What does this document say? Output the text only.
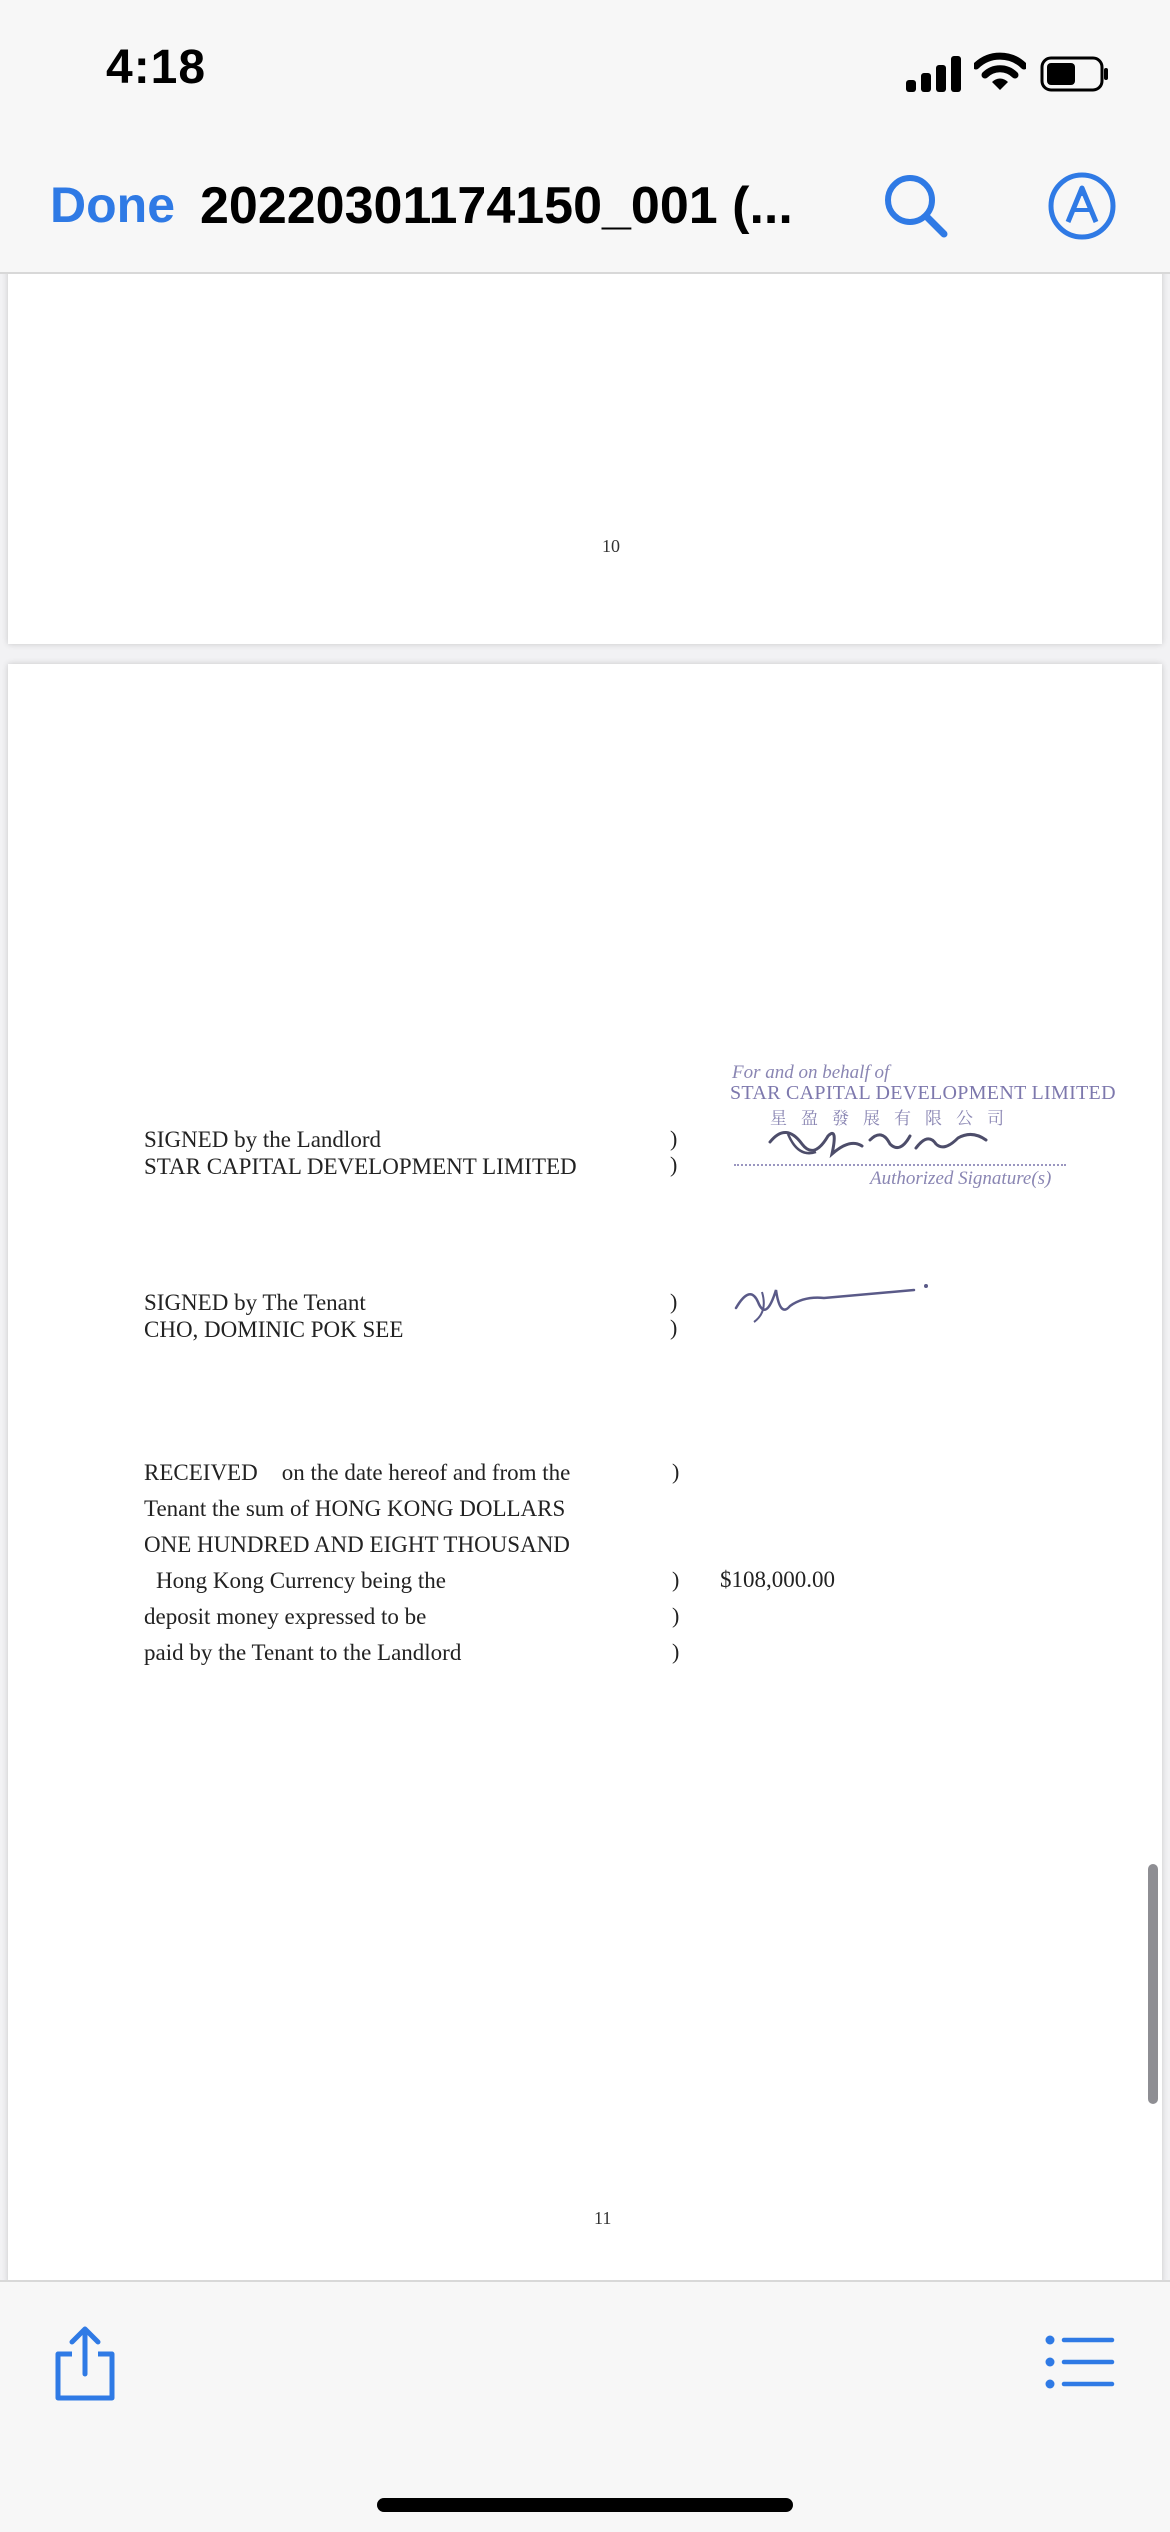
4:18
Done 20220301174150_001 (...
10
SIGNED by the Landlord
STAR CAPITAL DEVELOPMENT LIMITED
)
)
For and on behalf of
STAR CAPITAL DEVELOPMENT LIMITED
星盈發展有限公司
Authorized Signature(s)
SIGNED by The Tenant
CHO, DOMINIC POK SEE
)
)
RECEIVED on the date hereof and from the
Tenant the sum of HONG KONG DOLLARS
ONE HUNDRED AND EIGHT THOUSAND
Hong Kong Currency being the
deposit money expressed to be
paid by the Tenant to the Landlord
)
)
)
)
$108,000.00
11
